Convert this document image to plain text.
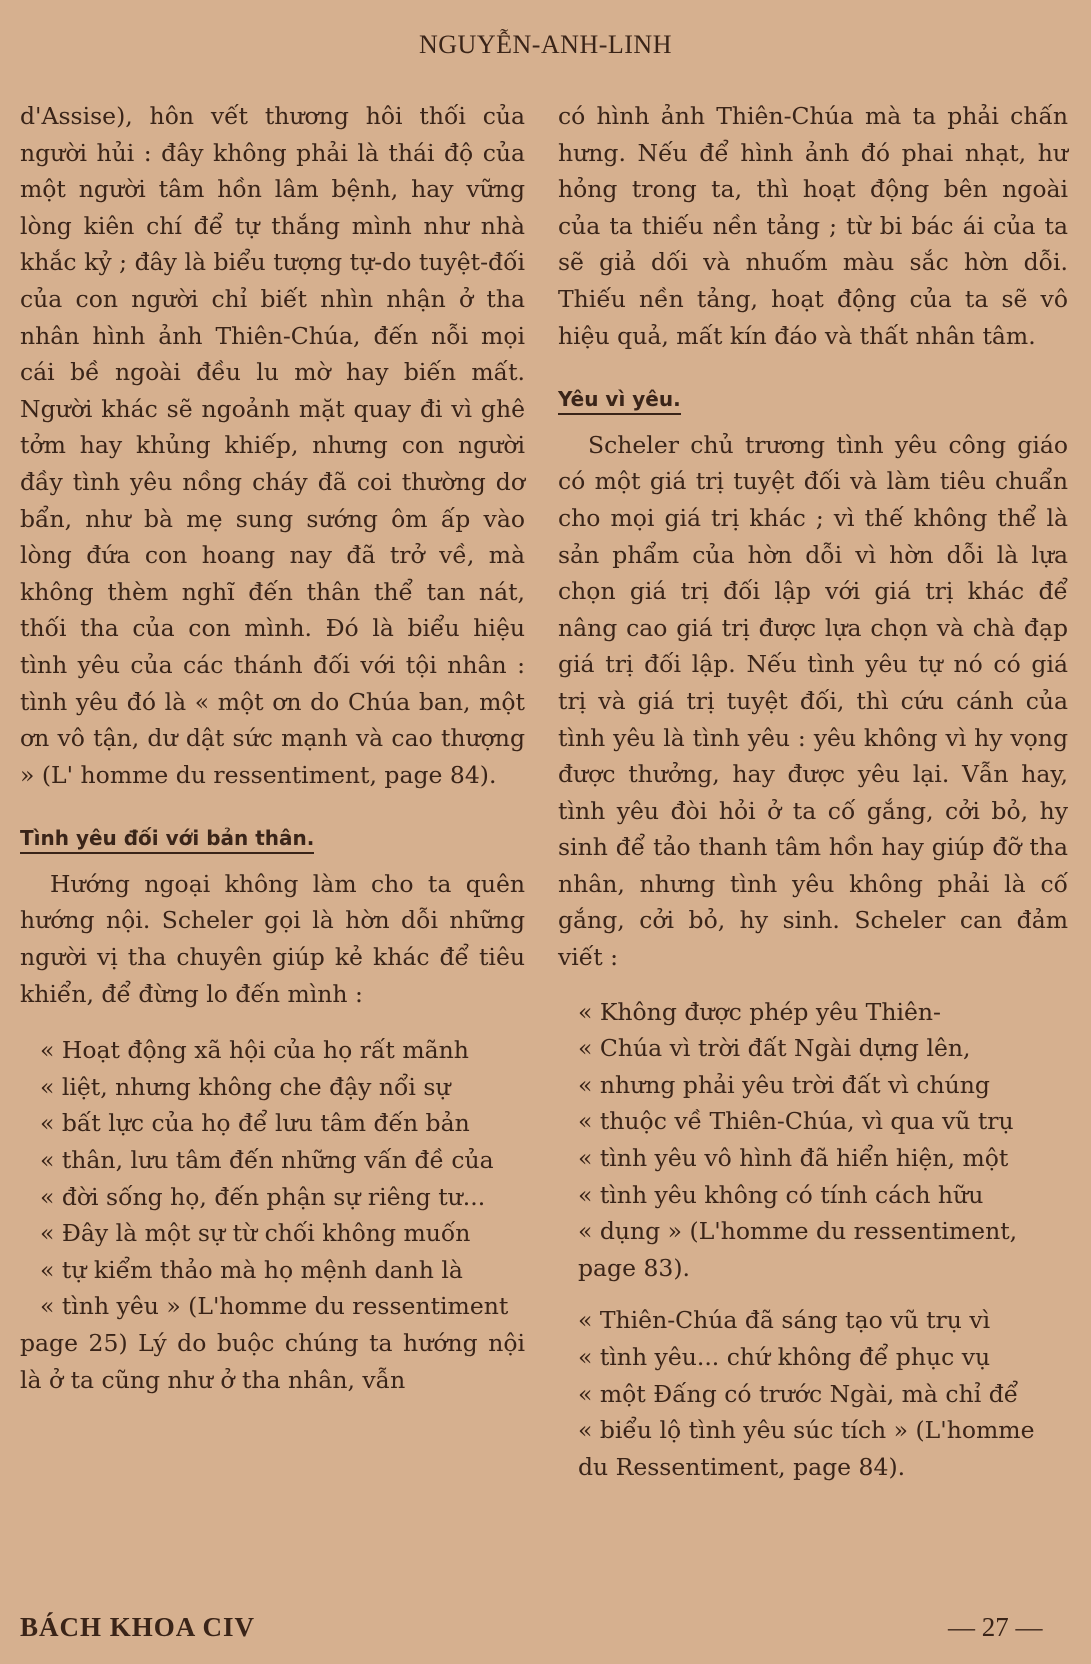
NGUYỄN-ANH-LINH

d'Assise), hôn vết thương hôi thối của người hủi : đây không phải là thái độ của một người tâm hồn lâm bệnh, hay vững lòng kiên chí để tự thắng mình như nhà khắc kỷ ; đây là biểu tượng tự-do tuyệt-đối của con người chỉ biết nhìn nhận ở tha nhân hình ảnh Thiên-Chúa, đến nỗi mọi cái bề ngoài đều lu mờ hay biến mất. Người khác sẽ ngoảnh mặt quay đi vì ghê tởm hay khủng khiếp, nhưng con người đầy tình yêu nồng cháy đã coi thường dơ bẩn, như bà mẹ sung sướng ôm ấp vào lòng đứa con hoang nay đã trở về, mà không thèm nghĩ đến thân thể tan nát, thối tha của con mình. Đó là biểu hiệu tình yêu của các thánh đối với tội nhân : tình yêu đó là « một ơn do Chúa ban, một ơn vô tận, dư dật sức mạnh và cao thượng » (L' homme du ressentiment, page 84).

Tình yêu đối với bản thân.

Hướng ngoại không làm cho ta quên hướng nội. Scheler gọi là hờn dỗi những người vị tha chuyên giúp kẻ khác để tiêu khiển, để đừng lo đến mình :

« Hoạt động xã hội của họ rất mãnh
« liệt, nhưng không che đậy nổi sự
« bất lực của họ để lưu tâm đến bản
« thân, lưu tâm đến những vấn đề của
« đời sống họ, đến phận sự riêng tư...
« Đây là một sự từ chối không muốn
« tự kiểm thảo mà họ mệnh danh là
« tình yêu » (L'homme du ressentiment

page 25) Lý do buộc chúng ta hướng nội là ở ta cũng như ở tha nhân, vẫn

có hình ảnh Thiên-Chúa mà ta phải chấn hưng. Nếu để hình ảnh đó phai nhạt, hư hỏng trong ta, thì hoạt động bên ngoài của ta thiếu nền tảng ; từ bi bác ái của ta sẽ giả dối và nhuốm màu sắc hờn dỗi. Thiếu nền tảng, hoạt động của ta sẽ vô hiệu quả, mất kín đáo và thất nhân tâm.

Yêu vì yêu.

Scheler chủ trương tình yêu công giáo có một giá trị tuyệt đối và làm tiêu chuẩn cho mọi giá trị khác ; vì thế không thể là sản phẩm của hờn dỗi vì hờn dỗi là lựa chọn giá trị đối lập với giá trị khác để nâng cao giá trị được lựa chọn và chà đạp giá trị đối lập. Nếu tình yêu tự nó có giá trị và giá trị tuyệt đối, thì cứu cánh của tình yêu là tình yêu : yêu không vì hy vọng được thưởng, hay được yêu lại. Vẫn hay, tình yêu đòi hỏi ở ta cố gắng, cởi bỏ, hy sinh để tảo thanh tâm hồn hay giúp đỡ tha nhân, nhưng tình yêu không phải là cố gắng, cởi bỏ, hy sinh. Scheler can đảm viết :

« Không được phép yêu Thiên-
« Chúa vì trời đất Ngài dựng lên,
« nhưng phải yêu trời đất vì chúng
« thuộc về Thiên-Chúa, vì qua vũ trụ
« tình yêu vô hình đã hiển hiện, một
« tình yêu không có tính cách hữu
« dụng » (L'homme du ressentiment,
page 83).
« Thiên-Chúa đã sáng tạo vũ trụ vì
« tình yêu... chứ không để phục vụ
« một Đấng có trước Ngài, mà chỉ để
« biểu lộ tình yêu súc tích » (L'homme
du Ressentiment, page 84).
BÁCH KHOA CIV	— 27 —
